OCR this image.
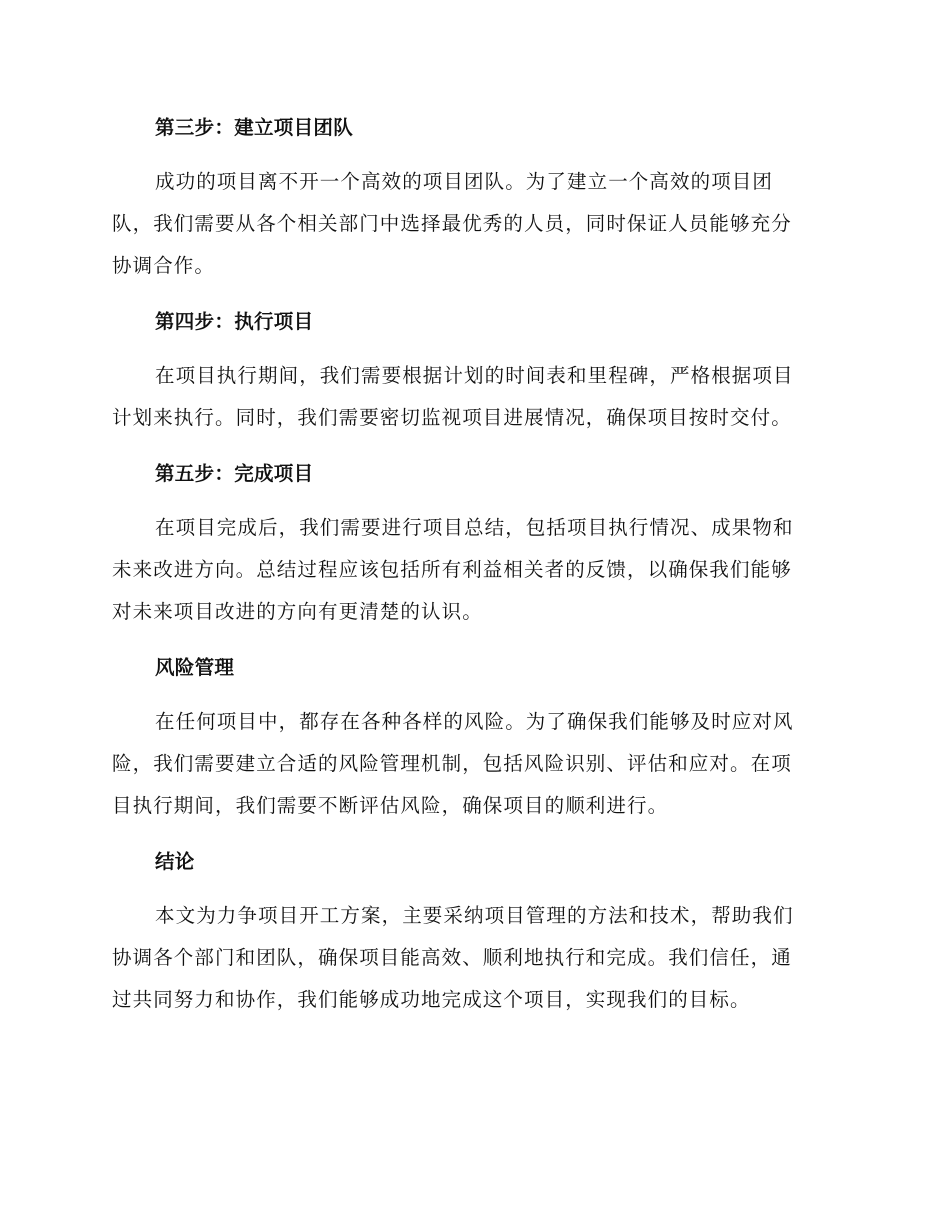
第三步：建立项目团队
成功的项目离不开一个高效的项目团队。为了建立一个高效的项目团
队，我们需要从各个相关部门中选择最优秀的人员，同时保证人员能够充分
协调合作。
第四步：执行项目
在项目执行期间，我们需要根据计划的时间表和里程碑，严格根据项目
计划来执行。同时，我们需要密切监视项目进展情况，确保项目按时交付。
第五步：完成项目
在项目完成后，我们需要进行项目总结，包括项目执行情况、成果物和
未来改进方向。总结过程应该包括所有利益相关者的反馈，以确保我们能够
对未来项目改进的方向有更清楚的认识。
风险管理
在任何项目中，都存在各种各样的风险。为了确保我们能够及时应对风
险，我们需要建立合适的风险管理机制，包括风险识别、评估和应对。在项
目执行期间，我们需要不断评估风险，确保项目的顺利进行。
结论
本文为力争项目开工方案，主要采纳项目管理的方法和技术，帮助我们
协调各个部门和团队，确保项目能高效、顺利地执行和完成。我们信任，通
过共同努力和协作，我们能够成功地完成这个项目，实现我们的目标。
